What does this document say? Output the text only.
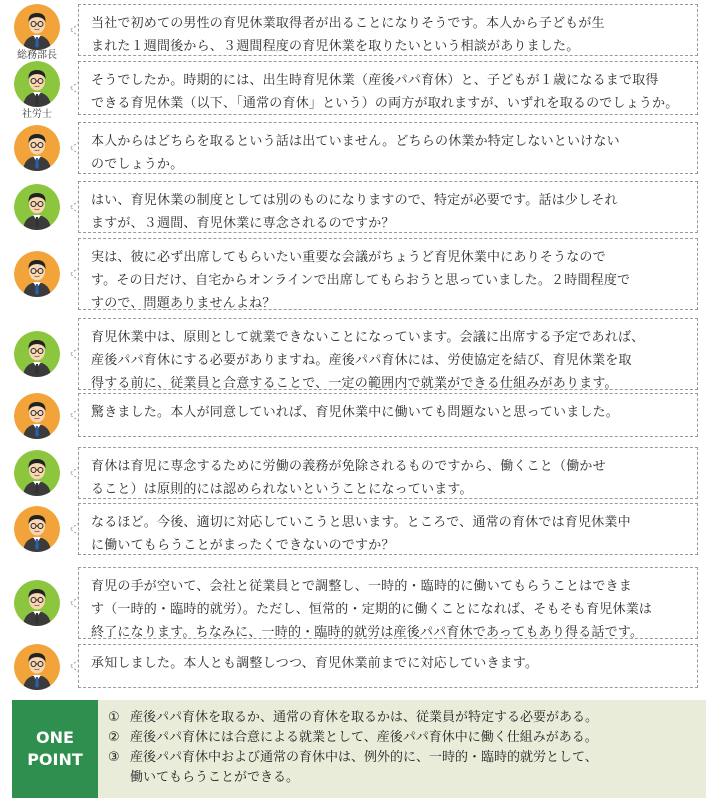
総務部長
当社で初めての男性の育児休業取得者が出ることになりそうです。本人から子どもが生
まれた１週間後から、３週間程度の育児休業を取りたいという相談がありました。
社労士
そうでしたか。時期的には、出生時育児休業（産後パパ育休）と、子どもが１歳になるまで取得
できる育児休業（以下、「通常の育休」という）の両方が取れますが、いずれを取るのでしょうか。
本人からはどちらを取るという話は出ていません。どちらの休業か特定しないといけない
のでしょうか。
はい、育児休業の制度としては別のものになりますので、特定が必要です。話は少しそれ
ますが、３週間、育児休業に専念されるのですか？
実は、彼に必ず出席してもらいたい重要な会議がちょうど育児休業中にありそうなので
す。その日だけ、自宅からオンラインで出席してもらおうと思っていました。２時間程度で
すので、問題ありませんよね？
育児休業中は、原則として就業できないことになっています。会議に出席する予定であれば、
産後パパ育休にする必要がありますね。産後パパ育休には、労使協定を結び、育児休業を取
得する前に、従業員と合意することで、一定の範囲内で就業ができる仕組みがあります。
驚きました。本人が同意していれば、育児休業中に働いても問題ないと思っていました。
育休は育児に専念するために労働の義務が免除されるものですから、働くこと（働かせ
ること）は原則的には認められないということになっています。
なるほど。今後、適切に対応していこうと思います。ところで、通常の育休では育児休業中
に働いてもらうことがまったくできないのですか？
育児の手が空いて、会社と従業員とで調整し、一時的・臨時的に働いてもらうことはできま
す（一時的・臨時的就労）。ただし、恒常的・定期的に働くことになれば、そもそも育児休業は
終了になります。ちなみに、一時的・臨時的就労は産後パパ育休であってもあり得る話です。
承知しました。本人とも調整しつつ、育児休業前までに対応していきます。
ONE
POINT
① 産後パパ育休を取るか、通常の育休を取るかは、従業員が特定する必要がある。
② 産後パパ育休には合意による就業として、産後パパ育休中に働く仕組みがある。
③ 産後パパ育休中および通常の育休中は、例外的に、一時的・臨時的就労として、
働いてもらうことができる。
